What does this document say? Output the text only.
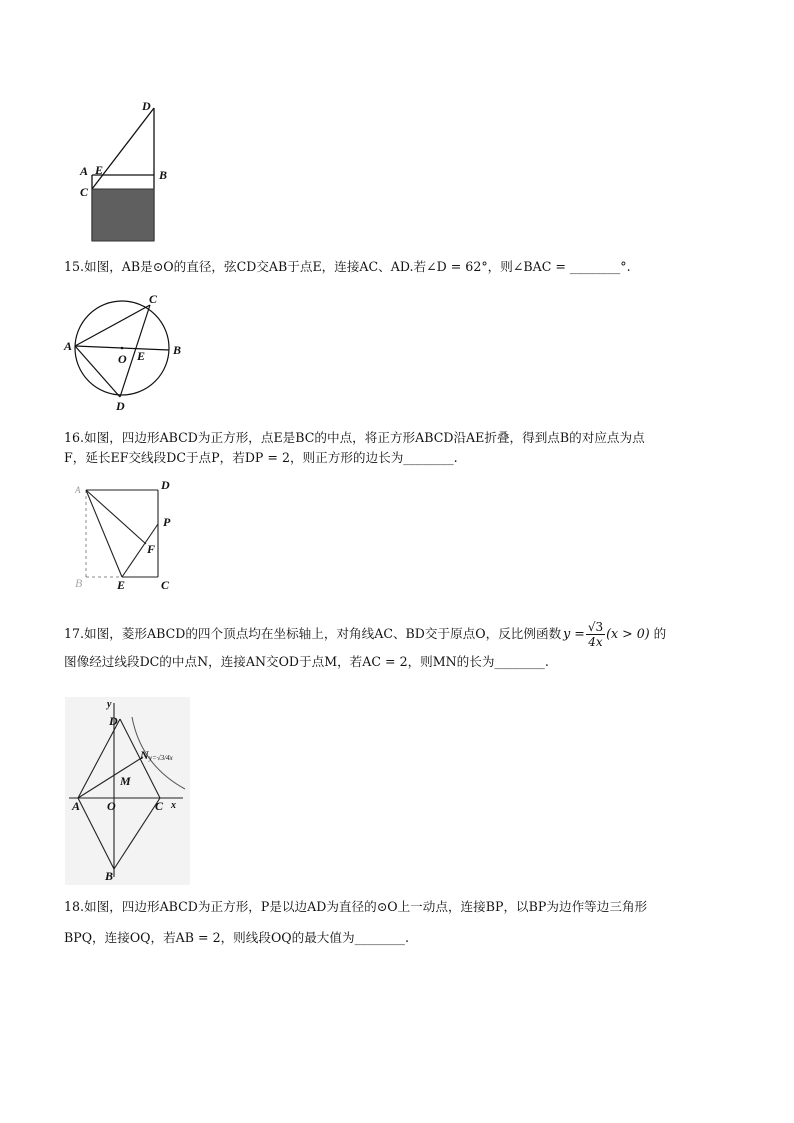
D
A E	B
C
15.如图，AB是⊙O的直径，弦CD交AB于点E，连接AC、AD.若∠D = 62°，则∠BAC = ________°.
A	B
C
D
O E
16.如图，四边形ABCD为正方形，点E是BC的中点，将正方形ABCD沿AE折叠，得到点B的对应点为点
F，延长EF交线段DC于点P，若DP = 2，则正方形的边长为________.
A	D
P
F
B	E	C
17.如图，菱形ABCD的四个顶点均在坐标轴上，对角线AC、BD交于原点O，反比例函数 $y = \frac{√3}{4x} (x > 0)$ 的
图像经过线段DC的中点N，连接AN交OD于点M，若AC = 2，则MN的长为________.
y
D
N y=√3/4x
M
A O	C x
B
18.如图，四边形ABCD为正方形，P是以边AD为直径的⊙O上一动点，连接BP，以BP为边作等边三角形
BPQ，连接OQ，若AB = 2，则线段OQ的最大值为________.
